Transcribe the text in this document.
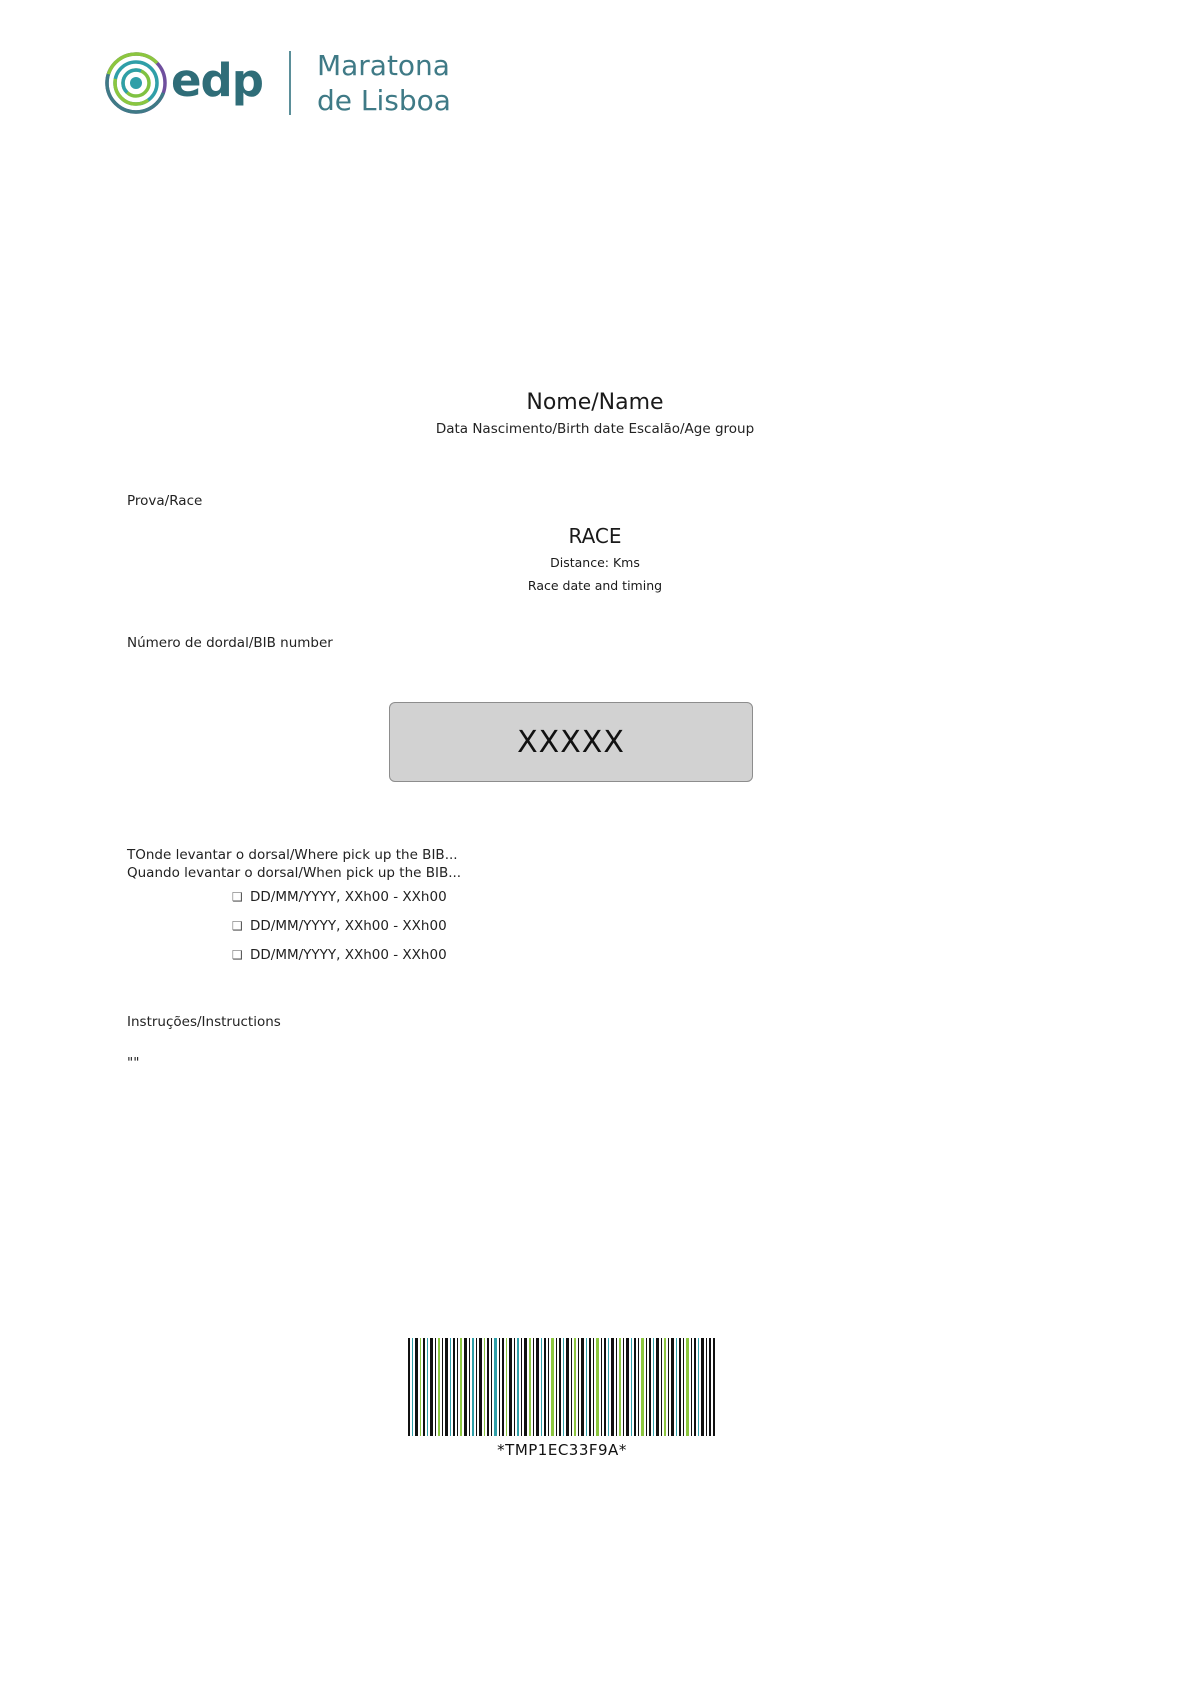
edp Maratona
de Lisboa
Nome/Name
Data Nascimento/Birth date Escalão/Age group
Prova/Race
RACE
Distance: Kms
Race date and timing
Número de dordal/BIB number
XXXXX
TOnde levantar o dorsal/Where pick up the BIB...
Quando levantar o dorsal/When pick up the BIB...
❑ DD/MM/YYYY, XXh00 - XXh00
❑ DD/MM/YYYY, XXh00 - XXh00
❑ DD/MM/YYYY, XXh00 - XXh00
Instruções/Instructions
""
*TMP1EC33F9A*
